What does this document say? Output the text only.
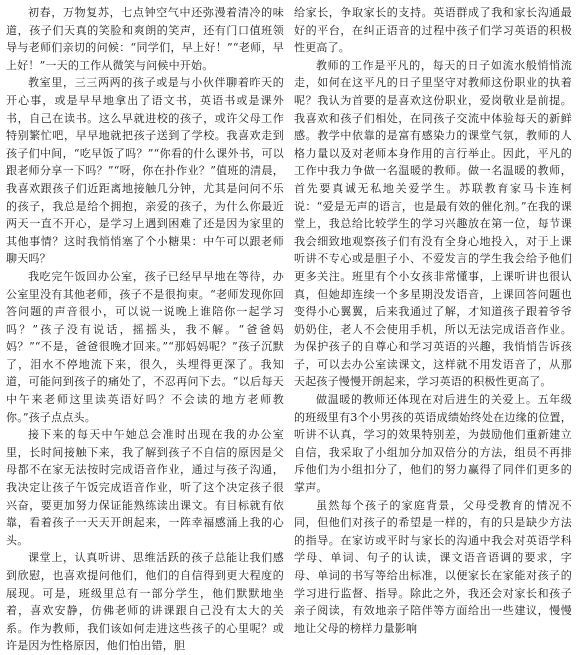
初春，万物复苏，七点钟空气中还弥漫着清冷的味道，孩子们天真的笑脸和爽朗的笑声，还有门口值班领导与老师们亲切的问候：“同学们，早上好！”“老师，早上好！”一天的工作从微笑与问候中开始。

教室里，三三两两的孩子或是与小伙伴聊着昨天的开心事，或是早早地拿出了语文书，英语书或是课外书，自己在读书。这么早就进校的孩子，或许父母工作特别繁忙吧，早早地就把孩子送到了学校。我喜欢走到孩子们中间，“吃早饭了吗？”“你看的什么课外书，可以跟老师分享一下吗？”“呀，你在扑作业？”值班的清晨，我喜欢跟孩子们近距离地接触几分钟，尤其是问问不乐的孩子，我总是给个拥抱，亲爱的孩子，为什么你最近两天一直不开心，是学习上遇到困难了还是因为家里的其他事情？这时我悄悄塞了个小糖果：中午可以跟老师聊天吗？

我吃完午饭回办公室，孩子已经早早地在等待，办公室里没有其他老师，孩子不是很拘束。“老师发现你回答问题的声音很小，可以说一说晚上谁陪你一起学习吗？”孩子没有说话，摇摇头，我不解。“爸爸妈妈？”“不是，爸爸很晚才回来。”“那妈妈呢？”孩子沉默了，泪水不停地流下来，很久，头埋得更深了。我知道，可能问到孩子的痛处了，不忍再问下去。“以后每天中午来老师这里读英语好吗？不会读的地方老师教你。”孩子点点头。

接下来的每天中午她总会准时出现在我的办公室里，长时间接触下来，我了解到孩子不自信的原因是父母都不在家无法按时完成语音作业，通过与孩子沟通，我决定让孩子午饭完成语音作业，听了这个决定孩子很兴奋，要更加努力保证能熟练读出课文。有目标就有依靠，看着孩子一天天开朗起来，一阵幸福感涌上我的心头。

课堂上，认真听讲、思维活跃的孩子总能让我们感到欣慰，也喜欢提问他们，他们的自信得到更大程度的展现。可是，班级里总有一部分学生，他们默默地坐着，喜欢安静，仿佛老师的讲课跟自己没有太大的关系。作为教师，我们该如何走进这些孩子的心里呢？或许是因为性格原因，他们怕出错，胆

给家长，争取家长的支持。英语群成了我和家长沟通最好的平台，在纠正语音的过程中孩子们学习英语的积极性更高了。

教师的工作是平凡的，每天的日子如流水般悄悄流走，如何在这平凡的日子里坚守对教师这份职业的执着呢？我认为首要的是喜欢这份职业，爱岗敬业是前提。我喜欢和孩子们相处，在同孩子交流中体验每天的新鲜感。教学中依靠的是富有感染力的课堂气氛，教师的人格力量以及对老师本身作用的言行举止。因此，平凡的工作中我力争做一名温暖的教师。做一名温暖的教师，首先要真诚无私地关爱学生。苏联教育家马卡连柯说：“爱是无声的语言，也是最有效的催化剂。”在我的课堂上，我总给比较学生的学习兴趣放在第一位，每节课我会细致地观察孩子们有没有全身心地投入，对于上课听讲不专心或是胆子小、不爱发言的学生我会给予他们更多关注。班里有个小女孩非常懂事，上课听讲也很认真，但她却连续一个多星期没发语音，上课回答问题也变得小心翼翼，后来我通过了解，才知道孩子跟着爷爷奶奶住，老人不会使用手机，所以无法完成语音作业。为保护孩子的自尊心和学习英语的兴趣，我悄悄告诉孩子，可以去办公室读课文，这样就不用发语音了，从那天起孩子慢慢开朗起来，学习英语的积极性更高了。

做温暖的教师还体现在对后进生的关爱上。五年级的班级里有3个小男孩的英语成绩始终处在边缘的位置，听讲不认真，学习的效果特别差，为鼓励他们重新建立自信，我采取了小组加分加双倍分的方法，组员不再排斥他们为小组扣分了，他们的努力赢得了同伴们更多的掌声。

虽然每个孩子的家庭背景，父母受教育的情况不同，但他们对孩子的希望是一样的，有的只是缺少方法的指导。在家访或平时与家长的沟通中我会对英语学科学母、单词、句子的认读，课文语音语调的要求，字母、单词的书写等给出标准，以便家长在家能对孩子的学习进行监督、指导。除此之外，我还会对家长和孩子亲子阅读，有效地亲子陪伴等方面给出一些建议，慢慢地让父母的榜样力量影响
